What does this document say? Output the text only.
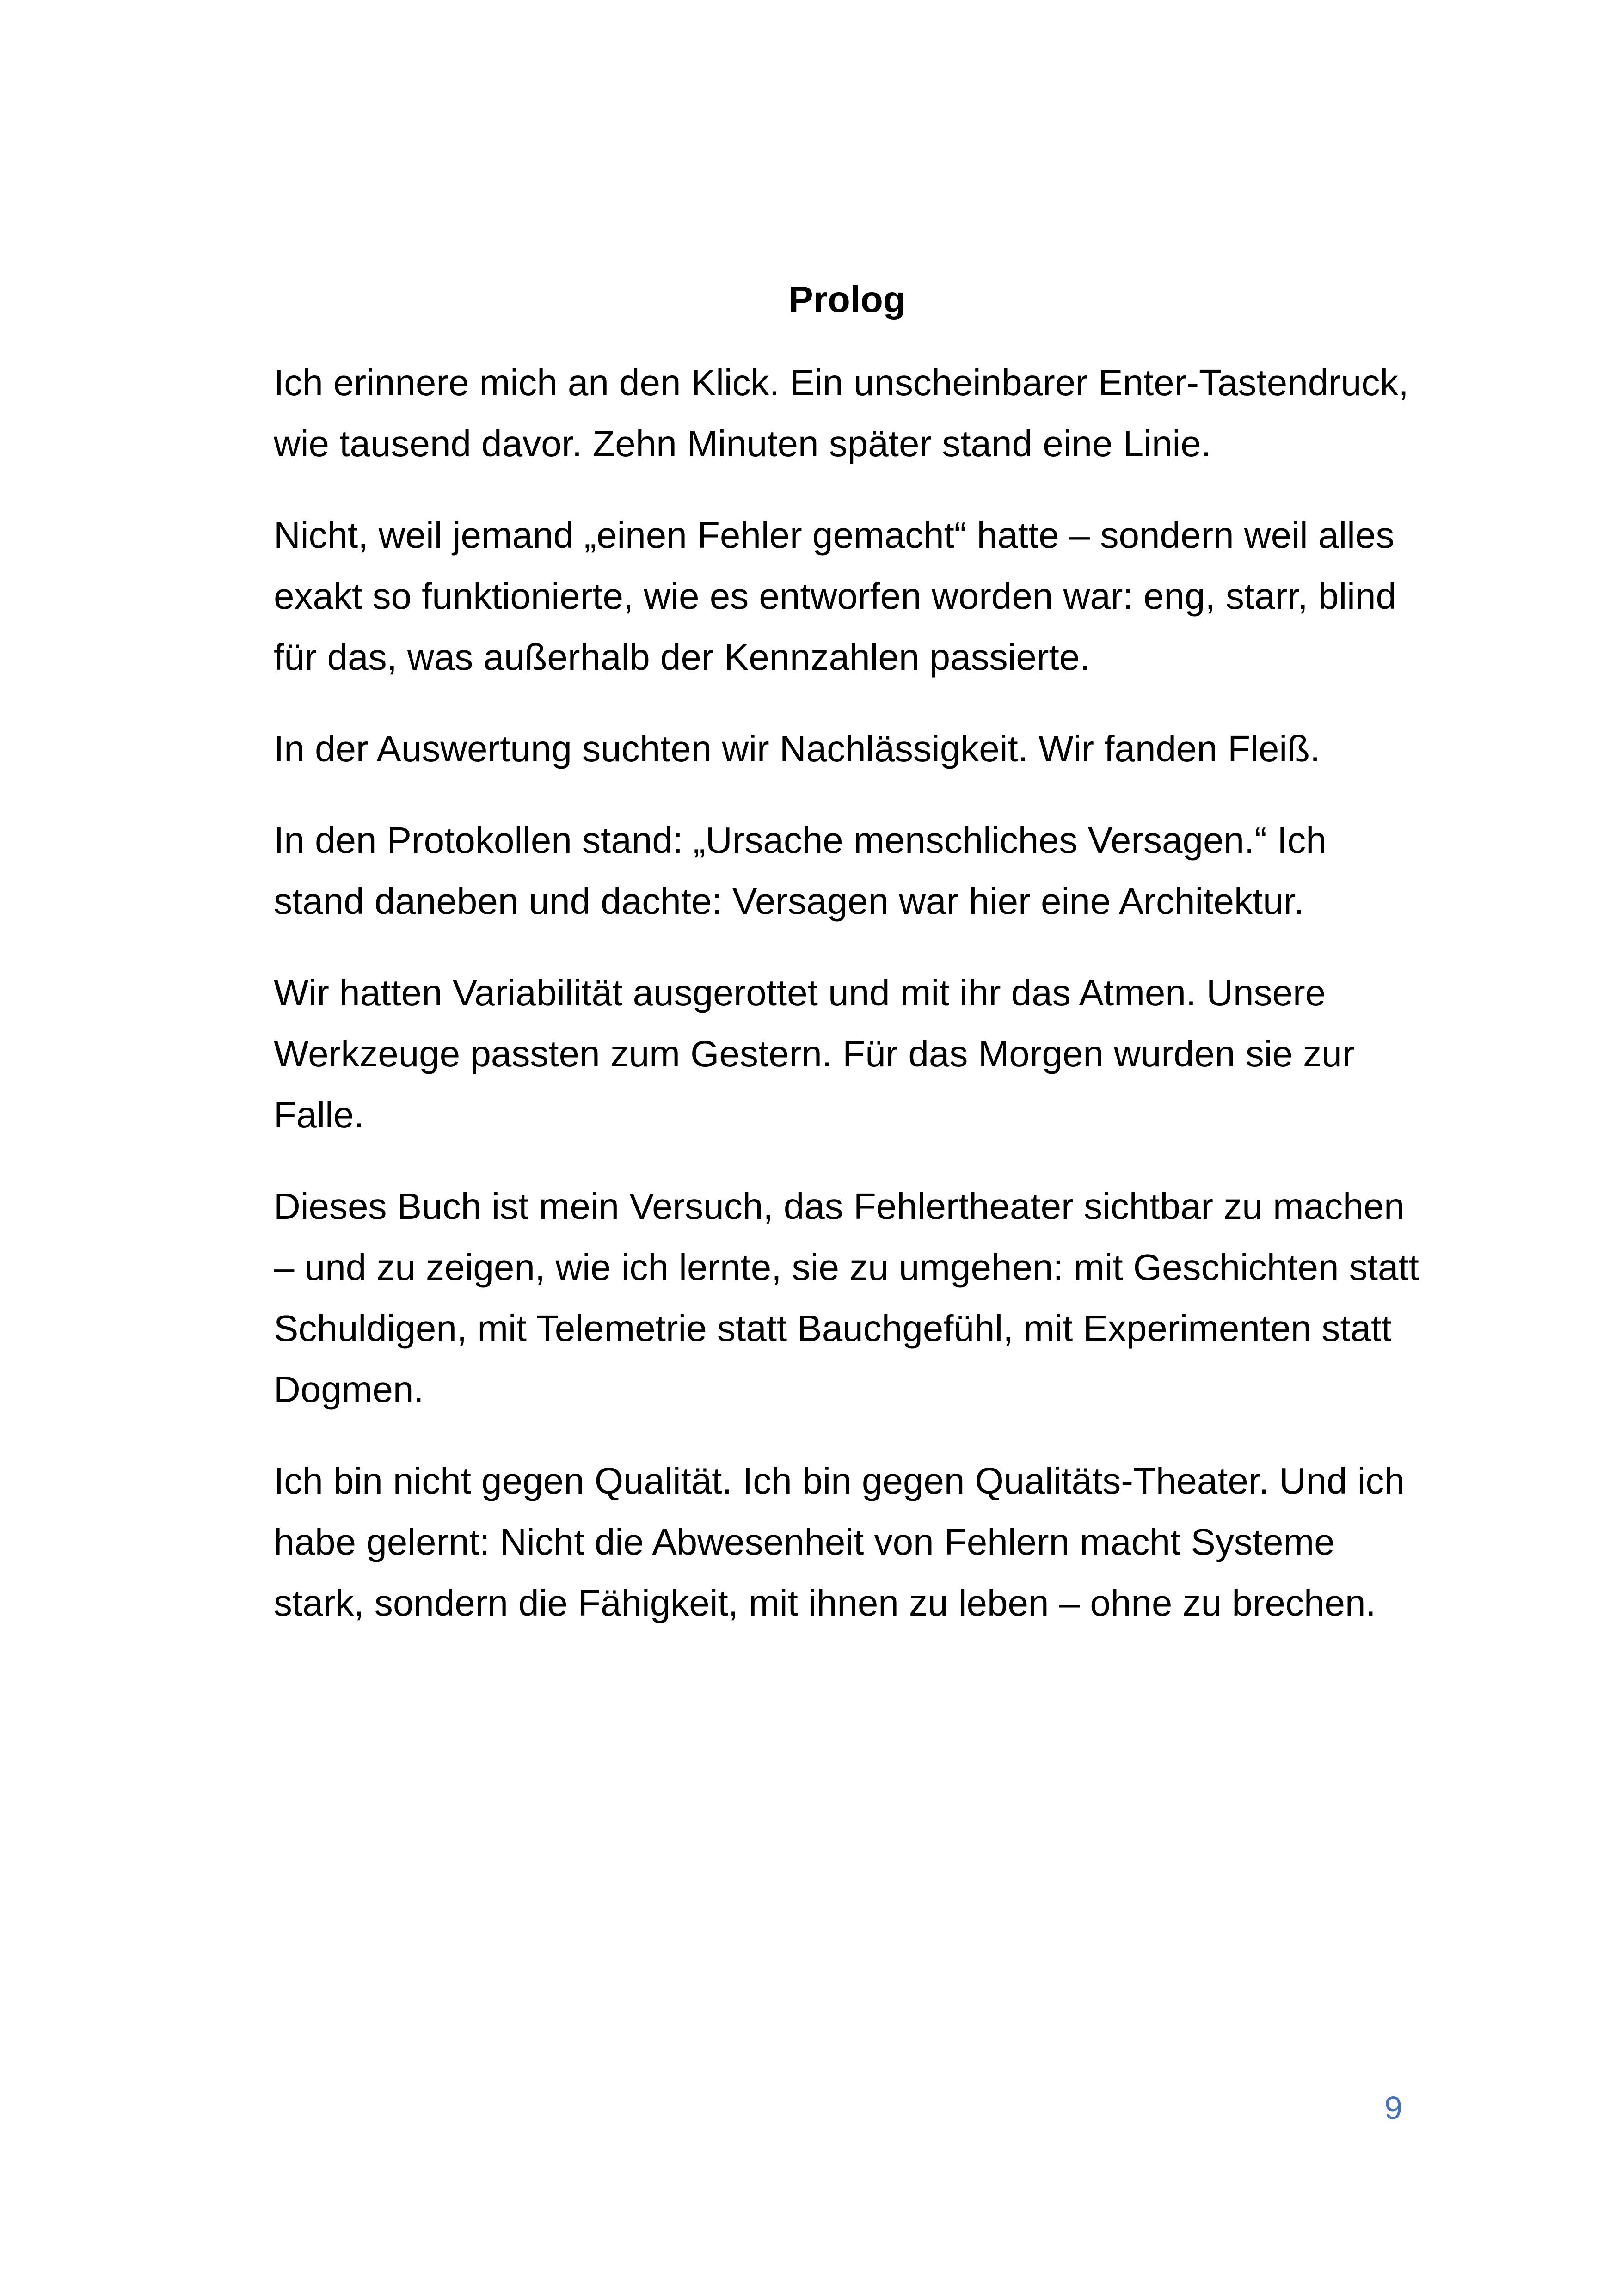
Prolog

Ich erinnere mich an den Klick. Ein unscheinbarer Enter-Tastendruck, wie tausend davor. Zehn Minuten später stand eine Linie.

Nicht, weil jemand „einen Fehler gemacht“ hatte – sondern weil alles exakt so funktionierte, wie es entworfen worden war: eng, starr, blind für das, was außerhalb der Kennzahlen passierte.

In der Auswertung suchten wir Nachlässigkeit. Wir fanden Fleiß.

In den Protokollen stand: „Ursache menschliches Versagen.“ Ich stand daneben und dachte: Versagen war hier eine Architektur.

Wir hatten Variabilität ausgerottet und mit ihr das Atmen. Unsere Werkzeuge passten zum Gestern. Für das Morgen wurden sie zur Falle.

Dieses Buch ist mein Versuch, das Fehlertheater sichtbar zu machen – und zu zeigen, wie ich lernte, sie zu umgehen: mit Geschichten statt Schuldigen, mit Telemetrie statt Bauchgefühl, mit Experimenten statt Dogmen.

Ich bin nicht gegen Qualität. Ich bin gegen Qualitäts-Theater. Und ich habe gelernt: Nicht die Abwesenheit von Fehlern macht Systeme stark, sondern die Fähigkeit, mit ihnen zu leben – ohne zu brechen.

9
